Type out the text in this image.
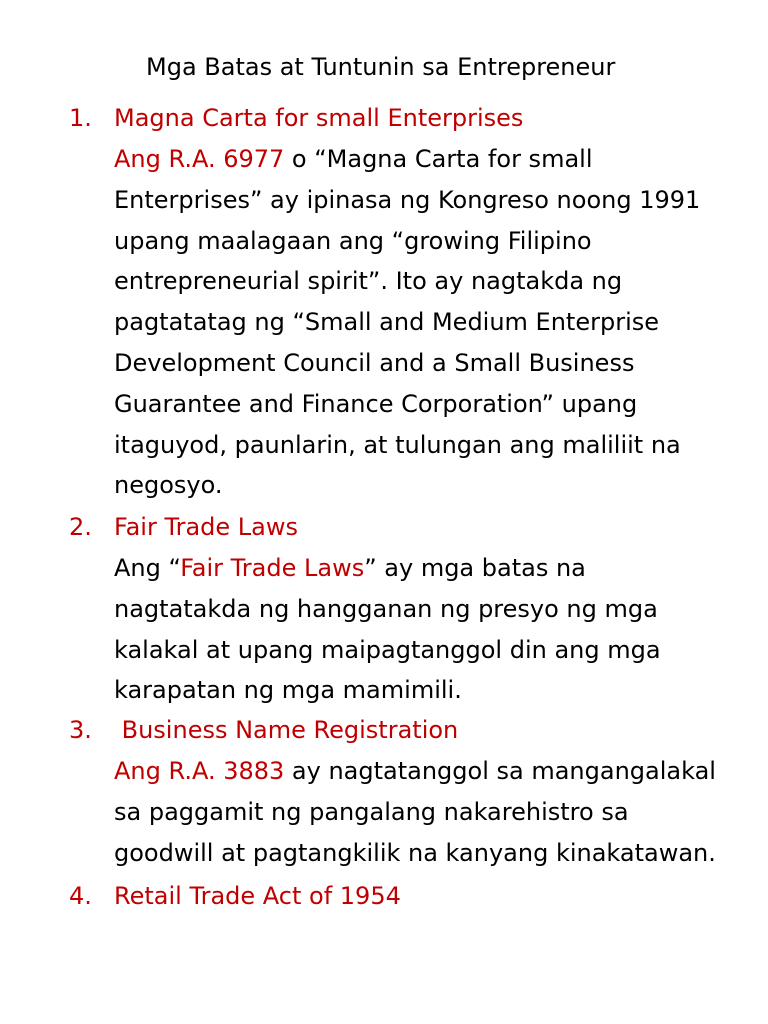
Mga Batas at Tuntunin sa Entrepreneur
1. Magna Carta for small Enterprises
Ang R.A. 6977 o “Magna Carta for small
Enterprises” ay ipinasa ng Kongreso noong 1991
upang maalagaan ang “growing Filipino
entrepreneurial spirit”. Ito ay nagtakda ng
pagtatatag ng “Small and Medium Enterprise
Development Council and a Small Business
Guarantee and Finance Corporation” upang
itaguyod, paunlarin, at tulungan ang maliliit na
negosyo.
2. Fair Trade Laws
Ang “Fair Trade Laws” ay mga batas na
nagtatakda ng hangganan ng presyo ng mga
kalakal at upang maipagtanggol din ang mga
karapatan ng mga mamimili.
3. Business Name Registration
Ang R.A. 3883 ay nagtatanggol sa mangangalakal
sa paggamit ng pangalang nakarehistro sa
goodwill at pagtangkilik na kanyang kinakatawan.
4. Retail Trade Act of 1954
